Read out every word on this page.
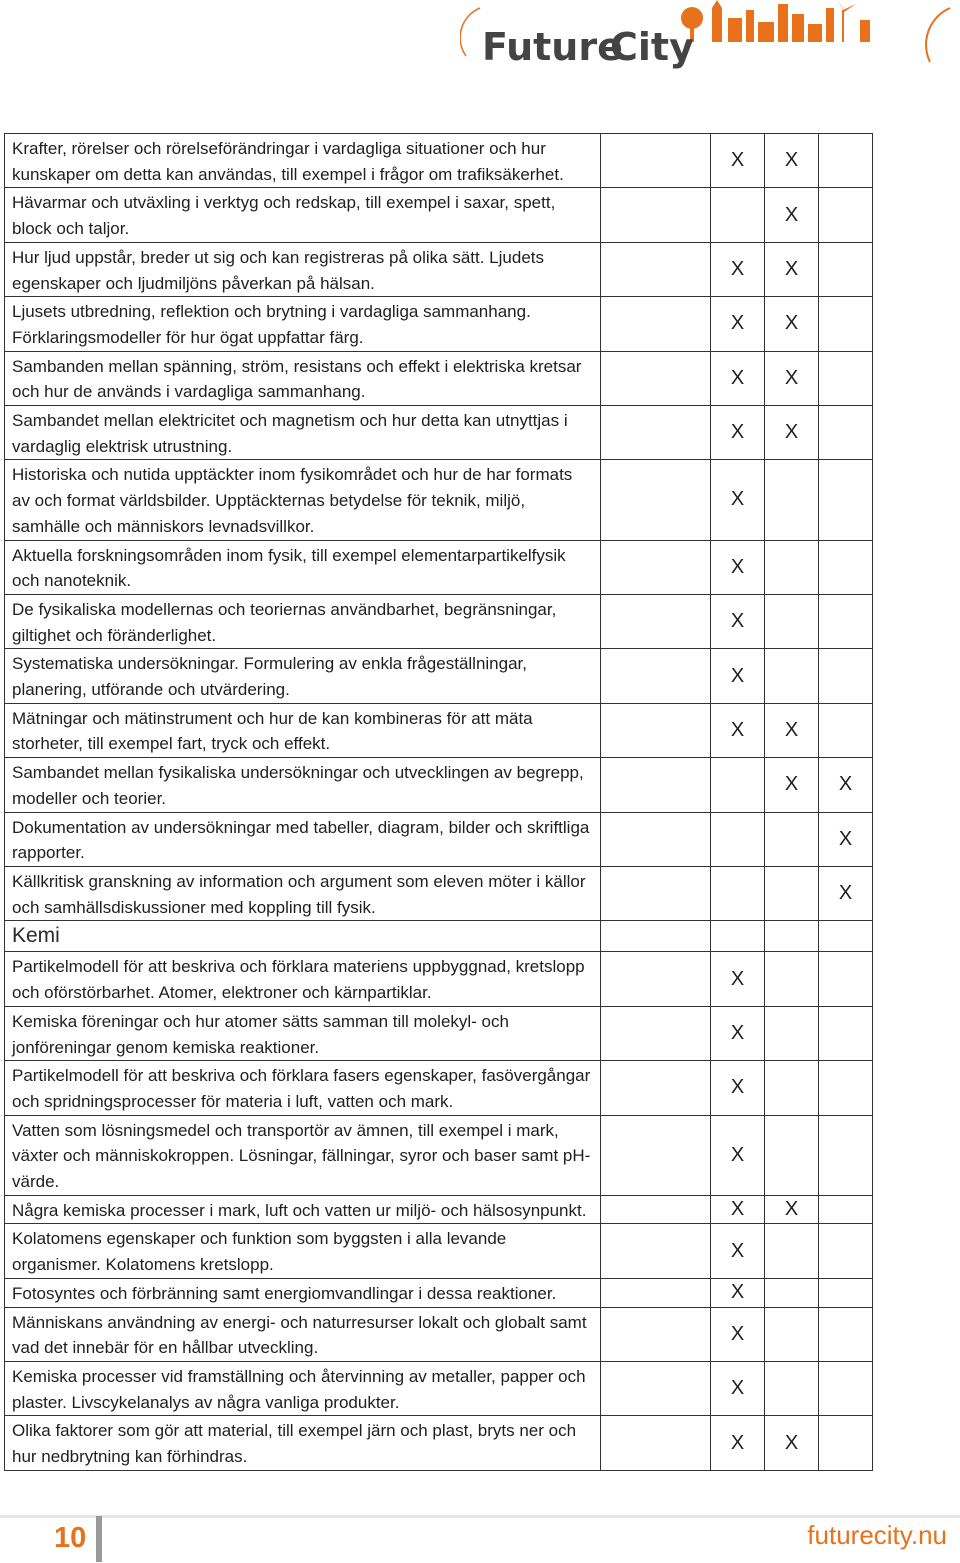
Future
City
Krafter, rörelser och rörelseförändringar i vardagliga situationer och hur kunskaper om detta kan användas, till exempel i frågor om trafiksäkerhet.		X	X	
Hävarmar och utväxling i verktyg och redskap, till exempel i saxar, spett, block och taljor.			X	
Hur ljud uppstår, breder ut sig och kan registreras på olika sätt. Ljudets egenskaper och ljudmiljöns påverkan på hälsan.		X	X	
Ljusets utbredning, reflektion och brytning i vardagliga sammanhang. Förklaringsmodeller för hur ögat uppfattar färg.		X	X	
Sambanden mellan spänning, ström, resistans och effekt i elektriska kretsar och hur de används i vardagliga sammanhang.		X	X	
Sambandet mellan elektricitet och magnetism och hur detta kan utnyttjas i vardaglig elektrisk utrustning.		X	X	
Historiska och nutida upptäckter inom fysikområdet och hur de har formats av och format världsbilder. Upptäckternas betydelse för teknik, miljö, samhälle och människors levnadsvillkor.		X		
Aktuella forskningsområden inom fysik, till exempel elementarpartikelfysik och nanoteknik.		X		
De fysikaliska modellernas och teoriernas användbarhet, begränsningar, giltighet och föränderlighet.		X		
Systematiska undersökningar. Formulering av enkla frågeställningar, planering, utförande och utvärdering.		X		
Mätningar och mätinstrument och hur de kan kombineras för att mäta storheter, till exempel fart, tryck och effekt.		X	X	
Sambandet mellan fysikaliska undersökningar och utvecklingen av begrepp, modeller och teorier.			X	X
Dokumentation av undersökningar med tabeller, diagram, bilder och skriftliga rapporter.				X
Källkritisk granskning av information och argument som eleven möter i källor och samhällsdiskussioner med koppling till fysik.				X
Kemi				
Partikelmodell för att beskriva och förklara materiens uppbyggnad, kretslopp och oförstörbarhet. Atomer, elektroner och kärnpartiklar.		X		
Kemiska föreningar och hur atomer sätts samman till molekyl- och jonföreningar genom kemiska reaktioner.		X		
Partikelmodell för att beskriva och förklara fasers egenskaper, fasövergångar och spridningsprocesser för materia i luft, vatten och mark.		X		
Vatten som lösningsmedel och transportör av ämnen, till exempel i mark, växter och människokroppen. Lösningar, fällningar, syror och baser samt pH-värde.		X		
Några kemiska processer i mark, luft och vatten ur miljö- och hälsosynpunkt.		X	X	
Kolatomens egenskaper och funktion som byggsten i alla levande organismer. Kolatomens kretslopp.		X		
Fotosyntes och förbränning samt energiomvandlingar i dessa reaktioner.		X		
Människans användning av energi- och naturresurser lokalt och globalt samt vad det innebär för en hållbar utveckling.		X		
Kemiska processer vid framställning och återvinning av metaller, papper och plaster. Livscykelanalys av några vanliga produkter.		X		
Olika faktorer som gör att material, till exempel järn och plast, bryts ner och hur nedbrytning kan förhindras.		X	X	
10	futurecity.nu
